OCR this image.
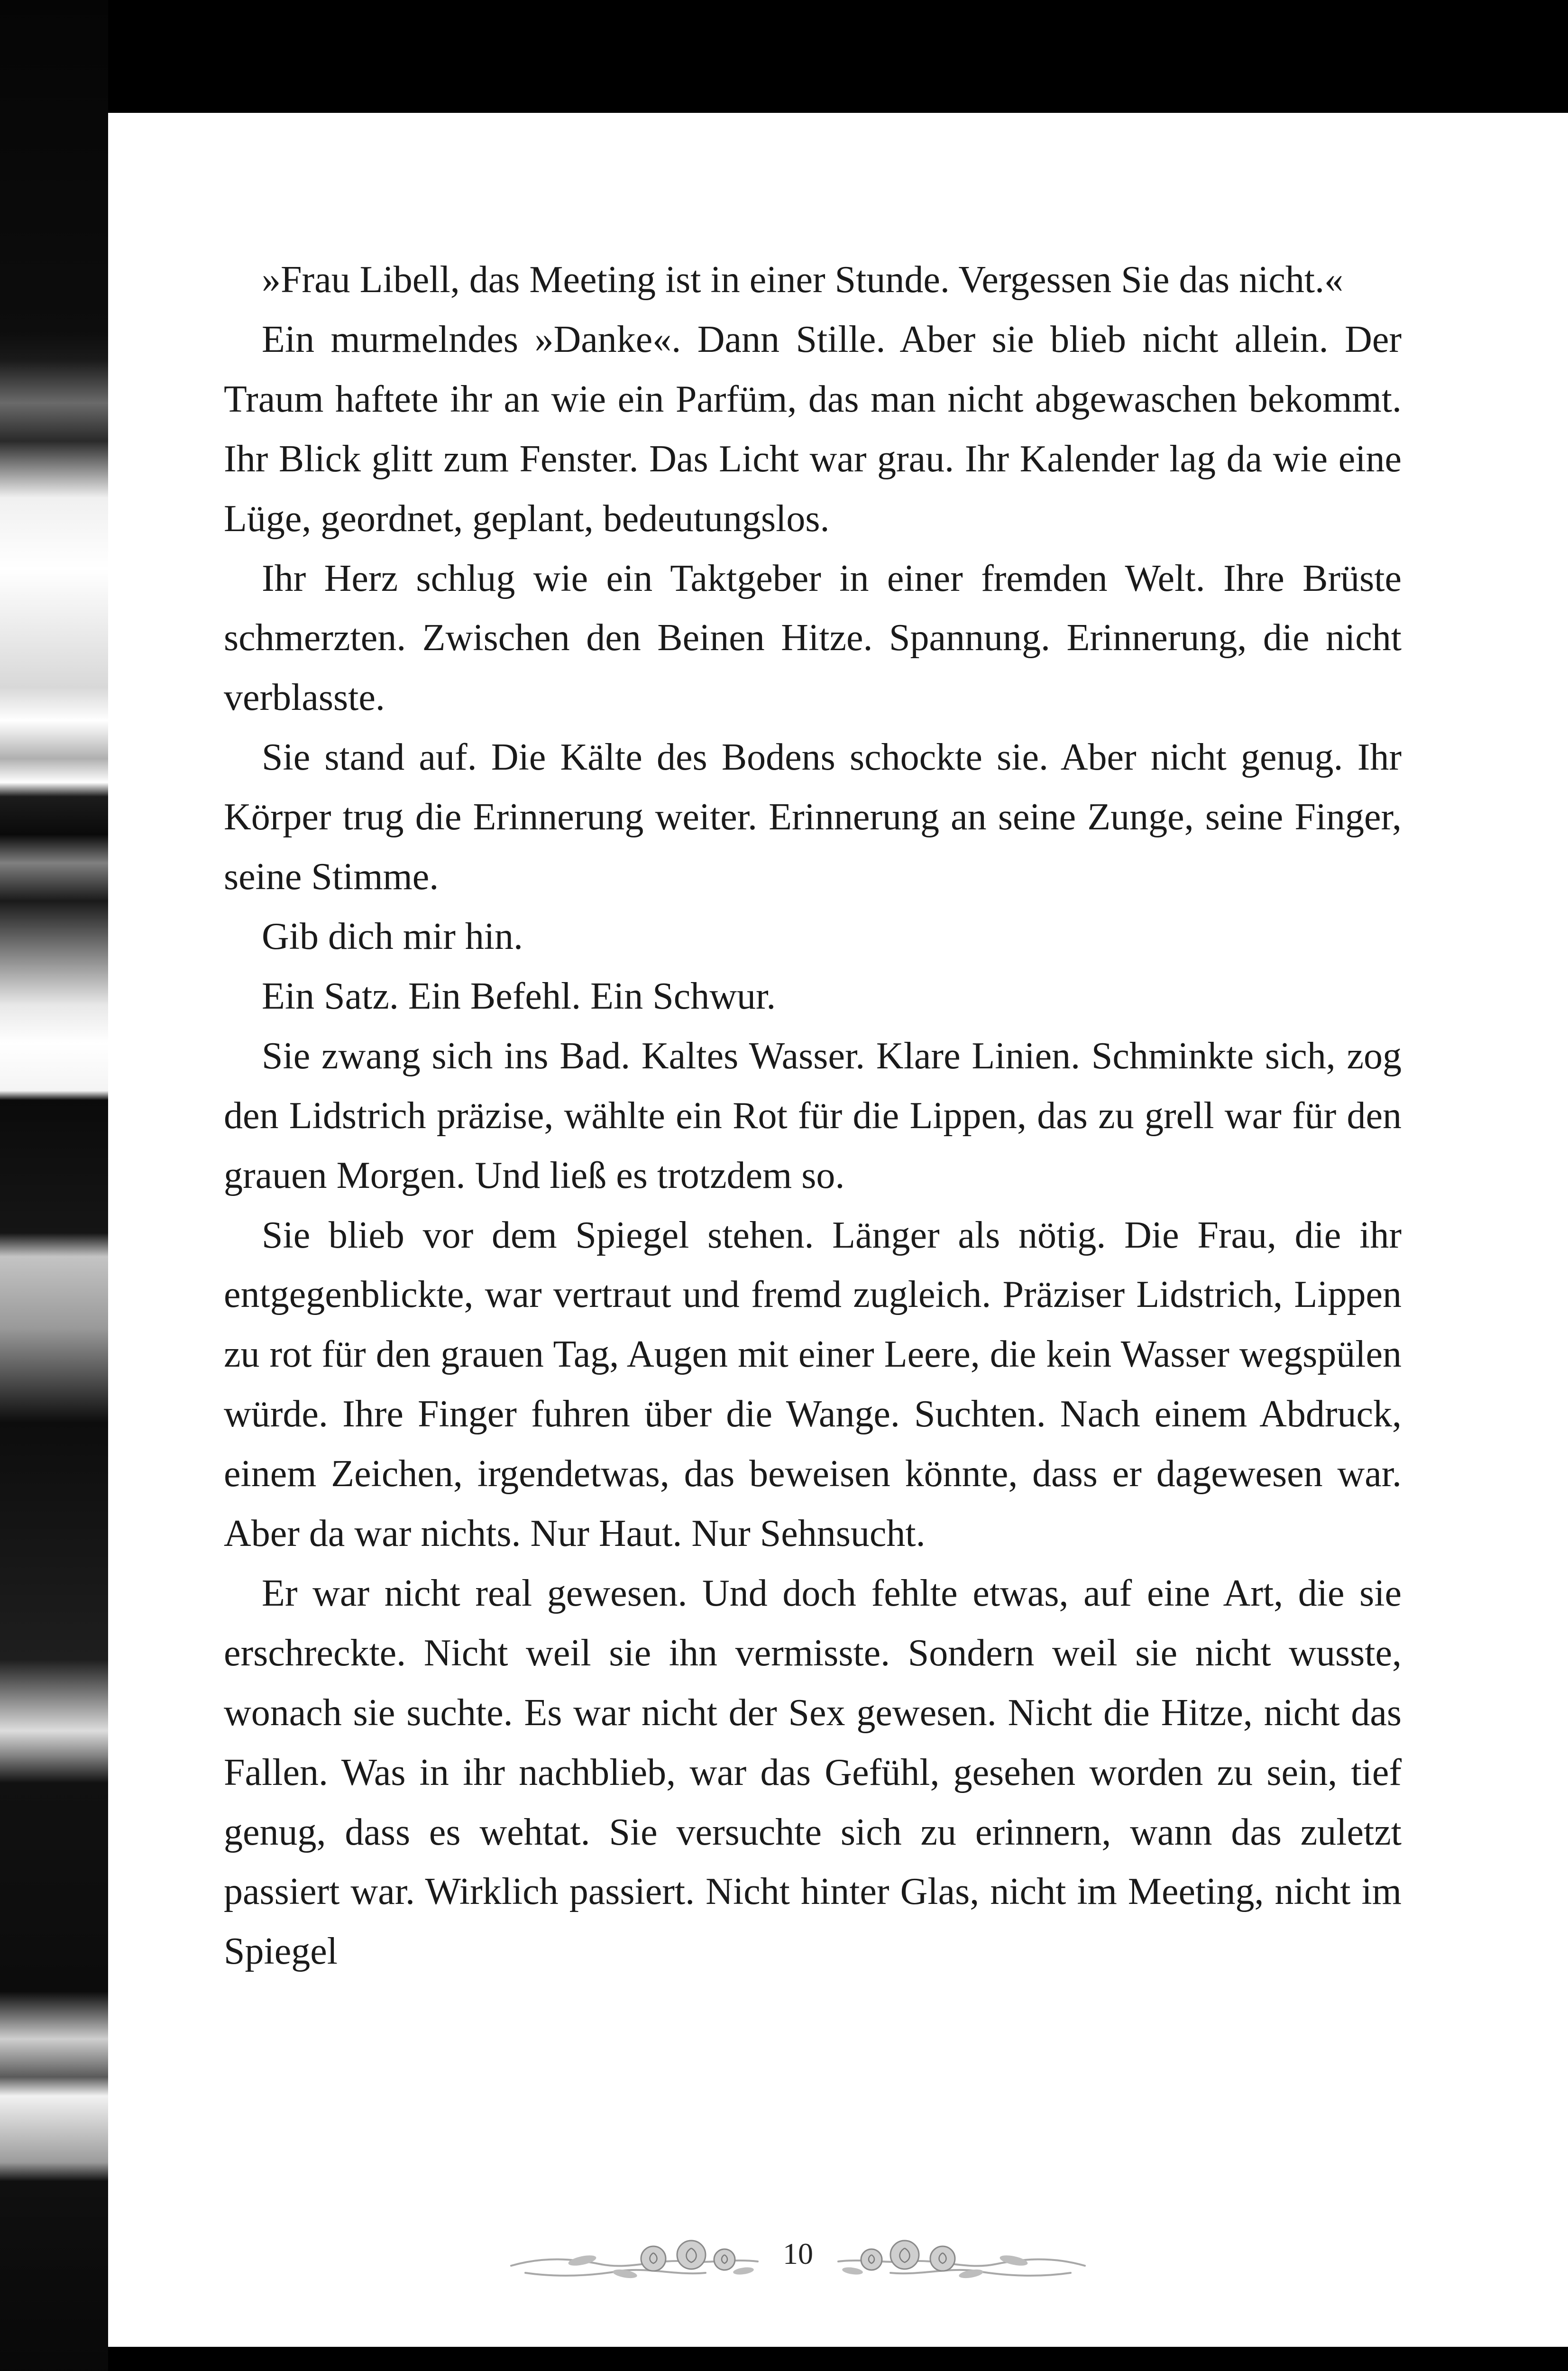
»Frau Libell, das Meeting ist in einer Stunde. Vergessen Sie das nicht.«

Ein murmelndes »Danke«. Dann Stille. Aber sie blieb nicht allein. Der Traum haftete ihr an wie ein Parfüm, das man nicht abgewaschen bekommt. Ihr Blick glitt zum Fenster. Das Licht war grau. Ihr Kalender lag da wie eine Lüge, geordnet, geplant, bedeutungslos.

Ihr Herz schlug wie ein Taktgeber in einer fremden Welt. Ihre Brüste schmerzten. Zwischen den Beinen Hitze. Spannung. Erinnerung, die nicht verblasste.

Sie stand auf. Die Kälte des Bodens schockte sie. Aber nicht genug. Ihr Körper trug die Erinnerung weiter. Erinnerung an seine Zunge, seine Finger, seine Stimme.

Gib dich mir hin.

Ein Satz. Ein Befehl. Ein Schwur.

Sie zwang sich ins Bad. Kaltes Wasser. Klare Linien. Schminkte sich, zog den Lidstrich präzise, wählte ein Rot für die Lippen, das zu grell war für den grauen Morgen. Und ließ es trotzdem so.

Sie blieb vor dem Spiegel stehen. Länger als nötig. Die Frau, die ihr entgegenblickte, war vertraut und fremd zugleich. Präziser Lidstrich, Lippen zu rot für den grauen Tag, Augen mit einer Leere, die kein Wasser wegspülen würde. Ihre Finger fuhren über die Wange. Suchten. Nach einem Abdruck, einem Zeichen, irgendetwas, das beweisen könnte, dass er dagewesen war. Aber da war nichts. Nur Haut. Nur Sehnsucht.

Er war nicht real gewesen. Und doch fehlte etwas, auf eine Art, die sie erschreckte. Nicht weil sie ihn vermisste. Sondern weil sie nicht wusste, wonach sie suchte. Es war nicht der Sex gewesen. Nicht die Hitze, nicht das Fallen. Was in ihr nachblieb, war das Gefühl, gesehen worden zu sein, tief genug, dass es wehtat. Sie versuchte sich zu erinnern, wann das zuletzt passiert war. Wirklich passiert. Nicht hinter Glas, nicht im Meeting, nicht im Spiegel

10
